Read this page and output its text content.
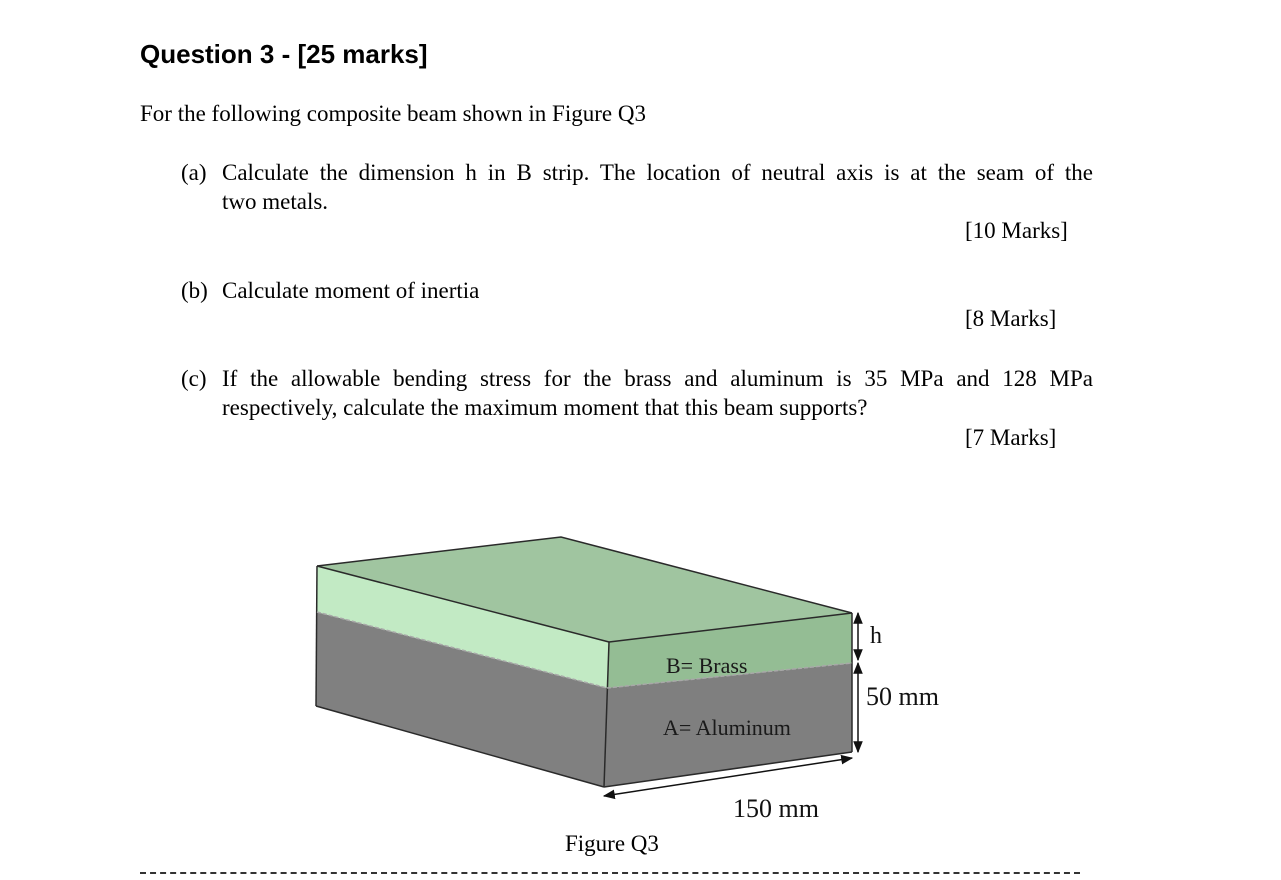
Question 3 - [25 marks]
For the following composite beam shown in Figure Q3
(a) Calculate the dimension h in B strip. The location of neutral axis is at the seam of the
two metals.
[10 Marks]
(b) Calculate moment of inertia
[8 Marks]
(c) If the allowable bending stress for the brass and aluminum is 35 MPa and 128 MPa
respectively, calculate the maximum moment that this beam supports?
[7 Marks]
B= Brass
A= Aluminum
h
50 mm
150 mm
Figure Q3
